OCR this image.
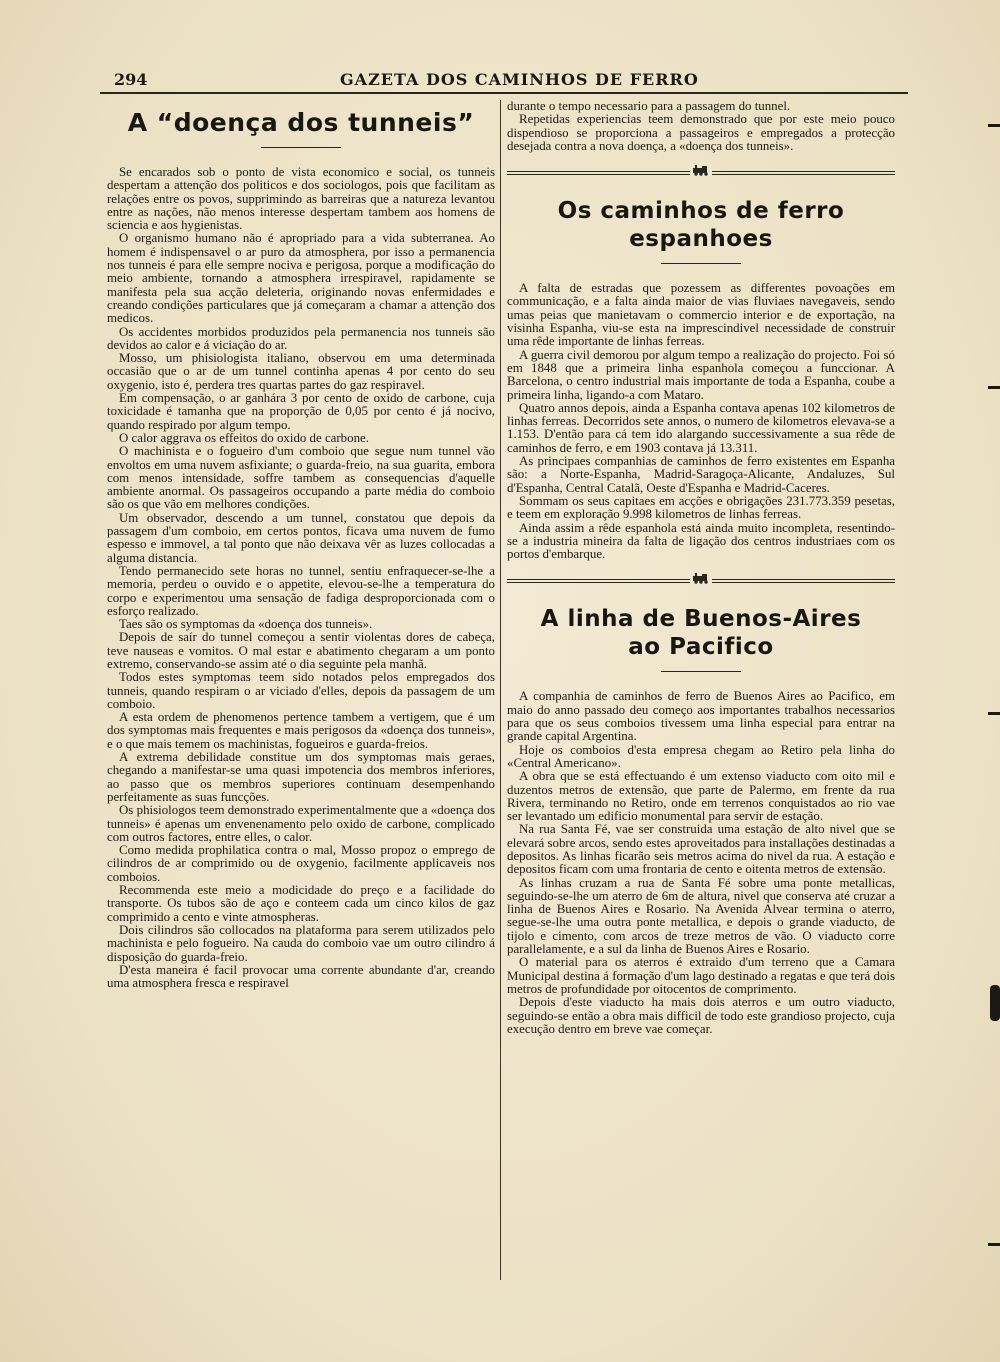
294	GAZETA DOS CAMINHOS DE FERRO
A “doença dos tunneis”

Se encarados sob o ponto de vista economico e social, os tunneis despertam a attenção dos politicos e dos sociologos, pois que facilitam as relações entre os povos, supprimindo as barreiras que a natureza levantou entre as nações, não menos interesse despertam tambem aos homens de sciencia e aos hygienistas.

O organismo humano não é apropriado para a vida subterranea. Ao homem é indispensavel o ar puro da atmosphera, por isso a permanencia nos tunneis é para elle sempre nociva e perigosa, porque a modificação do meio ambiente, tornando a atmosphera irrespiravel, rapidamente se manifesta pela sua acção deleteria, originando novas enfermidades e creando condições particulares que já começaram a chamar a attenção dos medicos.

Os accidentes morbidos produzidos pela permanencia nos tunneis são devidos ao calor e á viciação do ar.

Mosso, um phisiologista italiano, observou em uma determinada occasião que o ar de um tunnel continha apenas 4 por cento do seu oxygenio, isto é, perdera tres quartas partes do gaz respiravel.

Em compensação, o ar ganhára 3 por cento de oxido de carbone, cuja toxicidade é tamanha que na proporção de 0,05 por cento é já nocivo, quando respirado por algum tempo.

O calor aggrava os effeitos do oxido de carbone.

O machinista e o fogueiro d'um comboio que segue num tunnel vão envoltos em uma nuvem asfixiante; o guarda-freio, na sua guarita, embora com menos intensidade, soffre tambem as consequencias d'aquelle ambiente anormal. Os passageiros occupando a parte média do comboio são os que vão em melhores condições.

Um observador, descendo a um tunnel, constatou que depois da passagem d'um comboio, em certos pontos, ficava uma nuvem de fumo espesso e immovel, a tal ponto que não deixava vêr as luzes collocadas a alguma distancia.

Tendo permanecido sete horas no tunnel, sentiu enfraquecer-se-lhe a memoria, perdeu o ouvido e o appetite, elevou-se-lhe a temperatura do corpo e experimentou uma sensação de fadiga desproporcionada com o esforço realizado.

Taes são os symptomas da «doença dos tunneis».

Depois de saír do tunnel começou a sentir violentas dores de cabeça, teve nauseas e vomitos. O mal estar e abatimento chegaram a um ponto extremo, conservando-se assim até o dia seguinte pela manhã.

Todos estes symptomas teem sido notados pelos empregados dos tunneis, quando respiram o ar viciado d'elles, depois da passagem de um comboio.

A esta ordem de phenomenos pertence tambem a vertigem, que é um dos symptomas mais frequentes e mais perigosos da «doença dos tunneis», e o que mais temem os machinistas, fogueiros e guarda-freios.

A extrema debilidade constitue um dos symptomas mais geraes, chegando a manifestar-se uma quasi impotencia dos membros inferiores, ao passo que os membros superiores continuam desempenhando perfeitamente as suas funcções.

Os phisiologos teem demonstrado experimentalmente que a «doença dos tunneis» é apenas um envenenamento pelo oxido de carbone, complicado com outros factores, entre elles, o calor.

Como medida prophilatica contra o mal, Mosso propoz o emprego de cilindros de ar comprimido ou de oxygenio, facilmente applicaveis nos comboios.

Recommenda este meio a modicidade do preço e a facilidade do transporte. Os tubos são de aço e conteem cada um cinco kilos de gaz comprimido a cento e vinte atmospheras.

Dois cilindros são collocados na plataforma para serem utilizados pelo machinista e pelo fogueiro. Na cauda do comboio vae um outro cilindro á disposição do guarda-freio.

D'esta maneira é facil provocar uma corrente abundante d'ar, creando uma atmosphera fresca e respiravel

durante o tempo necessario para a passagem do tunnel.

Repetidas experiencias teem demonstrado que por este meio pouco dispendioso se proporciona a passageiros e empregados a protecção desejada contra a nova doença, a «doença dos tunneis».

Os caminhos de ferro
espanhoes

A falta de estradas que pozessem as differentes povoações em communicação, e a falta ainda maior de vias fluviaes navegaveis, sendo umas peias que manietavam o commercio interior e de exportação, na visinha Espanha, viu-se esta na imprescindivel necessidade de construir uma rêde importante de linhas ferreas.

A guerra civil demorou por algum tempo a realização do projecto. Foi só em 1848 que a primeira linha espanhola começou a funccionar. A Barcelona, o centro industrial mais importante de toda a Espanha, coube a primeira linha, ligando-a com Mataro.

Quatro annos depois, ainda a Espanha contava apenas 102 kilometros de linhas ferreas. Decorridos sete annos, o numero de kilometros elevava-se a 1.153. D'então para cá tem ido alargando successivamente a sua rêde de caminhos de ferro, e em 1903 contava já 13.311.

As principaes companhias de caminhos de ferro existentes em Espanha são: a Norte-Espanha, Madrid-Saragoça-Alicante, Andaluzes, Sul d'Espanha, Central Catalã, Oeste d'Espanha e Madrid-Caceres.

Sommam os seus capitaes em acções e obrigações 231.773.359 pesetas, e teem em exploração 9.998 kilometros de linhas ferreas.

Ainda assim a rêde espanhola está ainda muito incompleta, resentindo-se a industria mineira da falta de ligação dos centros industriaes com os portos d'embarque.

A linha de Buenos-Aires
ao Pacifico

A companhia de caminhos de ferro de Buenos Aires ao Pacifico, em maio do anno passado deu começo aos importantes trabalhos necessarios para que os seus comboios tivessem uma linha especial para entrar na grande capital Argentina.

Hoje os comboios d'esta empresa chegam ao Retiro pela linha do «Central Americano».

A obra que se está effectuando é um extenso viaducto com oito mil e duzentos metros de extensão, que parte de Palermo, em frente da rua Rivera, terminando no Retiro, onde em terrenos conquistados ao rio vae ser levantado um edificio monumental para servir de estação.

Na rua Santa Fé, vae ser construida uma estação de alto nivel que se elevará sobre arcos, sendo estes aproveitados para installações destinadas a depositos. As linhas ficarão seis metros acima do nivel da rua. A estação e depositos ficam com uma frontaria de cento e oitenta metros de extensão.

As linhas cruzam a rua de Santa Fé sobre uma ponte metallicas, seguindo-se-lhe um aterro de 6m de altura, nivel que conserva até cruzar a linha de Buenos Aires e Rosario. Na Avenida Alvear termina o aterro, segue-se-lhe uma outra ponte metallica, e depois o grande viaducto, de tijolo e cimento, com arcos de treze metros de vão. O viaducto corre parallelamente, e a sul da linha de Buenos Aires e Rosario.

O material para os aterros é extraido d'um terreno que a Camara Municipal destina á formação d'um lago destinado a regatas e que terá dois metros de profundidade por oitocentos de comprimento.

Depois d'este viaducto ha mais dois aterros e um outro viaducto, seguindo-se então a obra mais difficil de todo este grandioso projecto, cuja execução dentro em breve vae começar.
